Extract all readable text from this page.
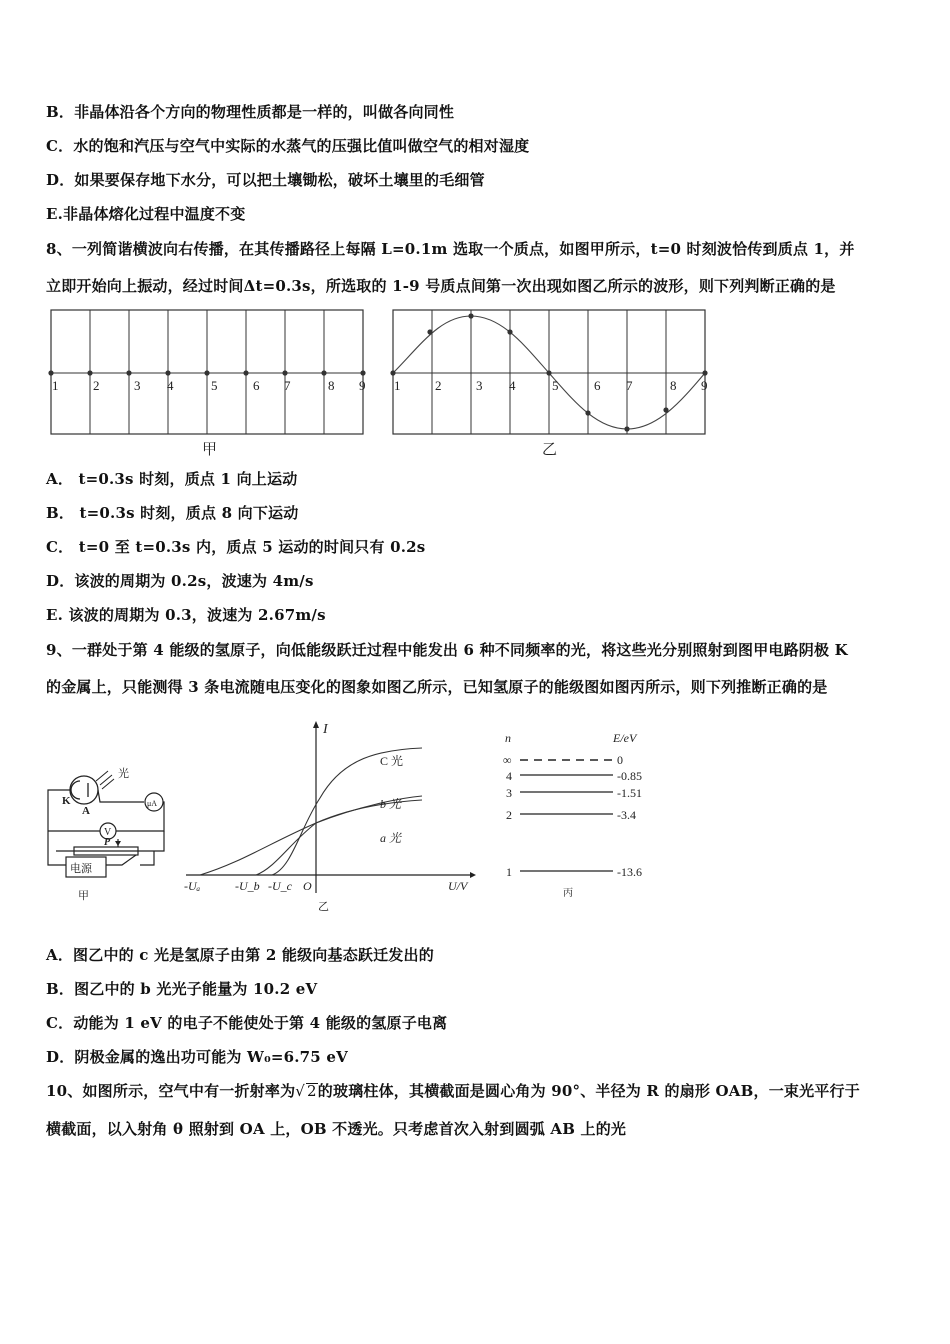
B．非晶体沿各个方向的物理性质都是一样的，叫做各向同性
C．水的饱和汽压与空气中实际的水蒸气的压强比值叫做空气的相对湿度
D．如果要保存地下水分，可以把土壤锄松，破坏土壤里的毛细管
E.非晶体熔化过程中温度不变
8、一列简谐横波向右传播，在其传播路径上每隔 L=0.1m 选取一个质点，如图甲所示，t=0 时刻波恰传到质点 1，并
立即开始向上振动，经过时间Δt=0.3s，所选取的 1-9 号质点间第一次出现如图乙所示的波形，则下列判断正确的是
1	2	3 4	5	6 7	8 9
甲
1	2	3 4	5	6 7	8 9
乙
A． t=0.3s 时刻，质点 1 向上运动
B． t=0.3s 时刻，质点 8 向下运动
C． t=0 至 t=0.3s 内，质点 5 运动的时间只有 0.2s
D．该波的周期为 0.2s，波速为 4m/s
E. 该波的周期为 0.3，波速为 2.67m/s
9、一群处于第 4 能级的氢原子，向低能级跃迁过程中能发出 6 种不同频率的光，将这些光分别照射到图甲电路阴极 K
的金属上，只能测得 3 条电流随电压变化的图象如图乙所示，已知氢原子的能级图如图丙所示，则下列推断正确的是
光
K
A
μA
V
P
电源
甲
I
U/V
O
C 光
b 光
a 光
-Uₐ	-U_b -U_c
乙
n	E/eV
∞	0
4	-0.85
3	-1.51
2	-3.4
1	-13.6
丙
A．图乙中的 c 光是氢原子由第 2 能级向基态跃迁发出的
B．图乙中的 b 光光子能量为 10.2 eV
C．动能为 1 eV 的电子不能使处于第 4 能级的氢原子电离
D．阴极金属的逸出功可能为 W₀=6.75 eV
10、如图所示，空气中有一折射率为√ 2的玻璃柱体，其横截面是圆心角为 90°、半径为 R 的扇形 OAB，一束光平行于
横截面，以入射角 θ 照射到 OA 上，OB 不透光。只考虑首次入射到圆弧 AB 上的光
